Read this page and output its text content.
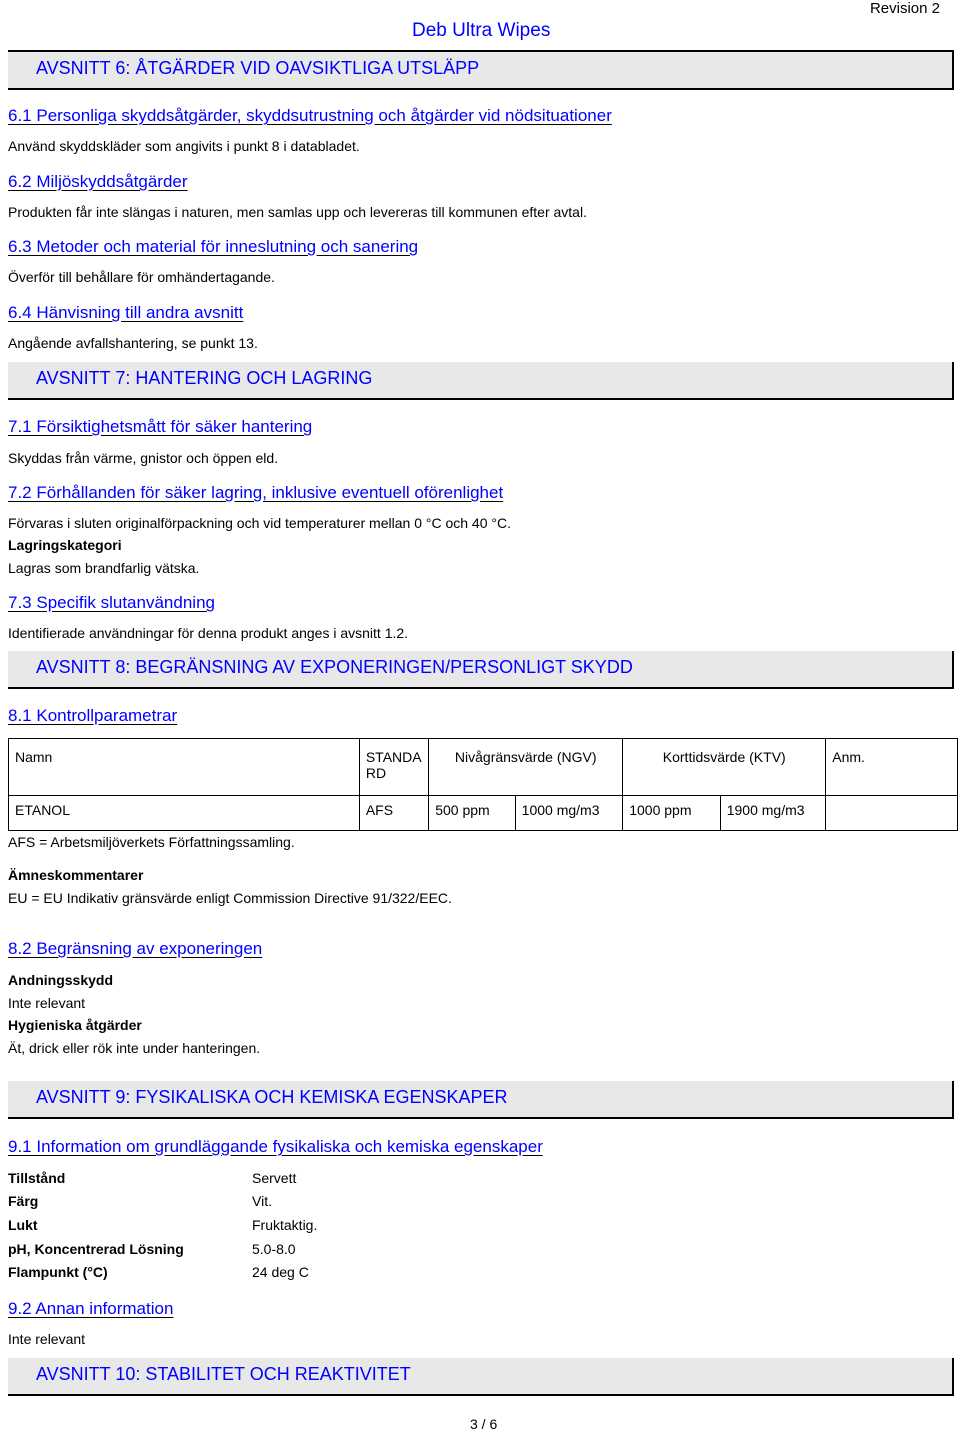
Revision 2
Deb Ultra Wipes
AVSNITT 6: ÅTGÄRDER VID OAVSIKTLIGA UTSLÄPP
6.1 Personliga skyddsåtgärder, skyddsutrustning och åtgärder vid nödsituationer
Använd skyddskläder som angivits i punkt 8 i databladet.
6.2 Miljöskyddsåtgärder
Produkten får inte slängas i naturen, men samlas upp och levereras till kommunen efter avtal.
6.3 Metoder och material för inneslutning och sanering
Överför till behållare för omhändertagande.
6.4 Hänvisning till andra avsnitt
Angående avfallshantering, se punkt 13.
AVSNITT 7: HANTERING OCH LAGRING
7.1 Försiktighetsmått för säker hantering
Skyddas från värme, gnistor och öppen eld.
7.2 Förhållanden för säker lagring, inklusive eventuell oförenlighet
Förvaras i sluten originalförpackning och vid temperaturer mellan 0 °C och 40 °C.
Lagringskategori
Lagras som brandfarlig vätska.
7.3 Specifik slutanvändning
Identifierade användningar för denna produkt anges i avsnitt 1.2.
AVSNITT 8: BEGRÄNSNING AV EXPONERINGEN/PERSONLIGT SKYDD
8.1 Kontrollparametrar
Namn	STANDARD	Nivågränsvärde (NGV)		Korttidsvärde (KTV)		Anm.
ETANOL	AFS	500 ppm	1000 mg/m3	1000 ppm	1900 mg/m3	
AFS = Arbetsmiljöverkets Författningssamling.
Ämneskommentarer
EU = EU Indikativ gränsvärde enligt Commission Directive 91/322/EEC.
8.2 Begränsning av exponeringen
Andningsskydd
Inte relevant
Hygieniska åtgärder
Ät, drick eller rök inte under hanteringen.
AVSNITT 9: FYSIKALISKA OCH KEMISKA EGENSKAPER
9.1 Information om grundläggande fysikaliska och kemiska egenskaper
Tillstånd	Servett
Färg	Vit.
Lukt	Fruktaktig.
pH, Koncentrerad Lösning	5.0-8.0
Flampunkt (°C)	24 deg C
9.2 Annan information
Inte relevant
AVSNITT 10: STABILITET OCH REAKTIVITET
3 / 6
